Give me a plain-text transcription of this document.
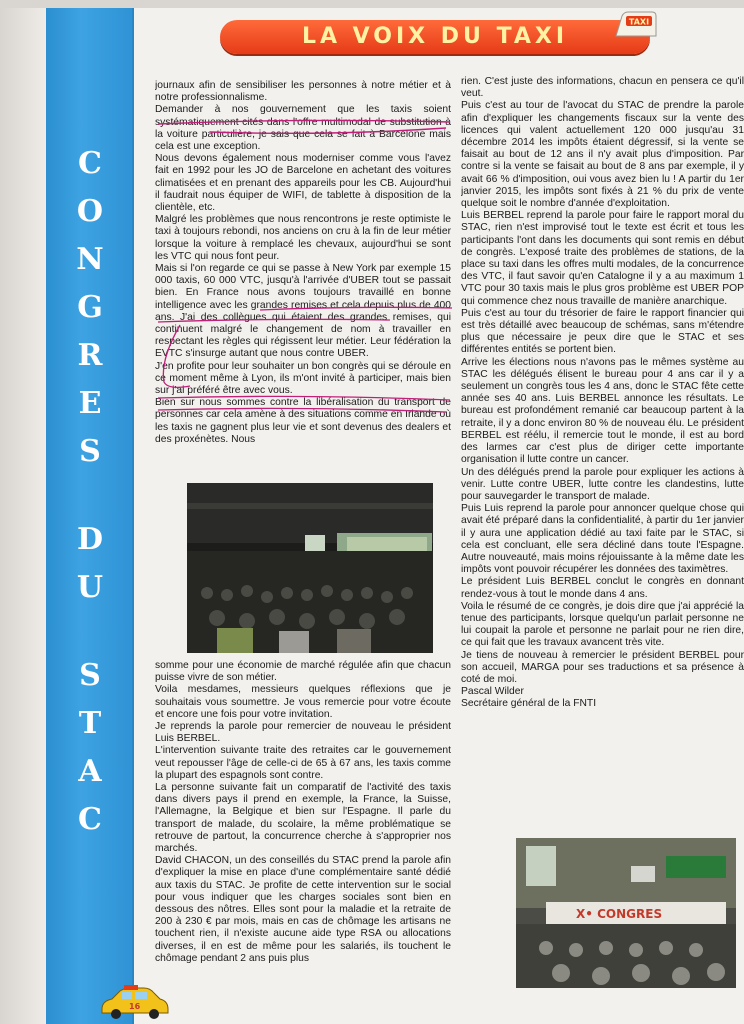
C
O
N
G
R
E
S
D
U
S
T
A
C
LA VOIX DU TAXI
TAXI

journaux afin de sensibiliser les personnes à notre métier et à notre professionnalisme.

Demander à nos gouvernement que les taxis soient systématiquement cités dans l'offre multimodal de substitution à la voiture particulière, je sais que cela se fait à Barcelone mais cela est une exception.

Nous devons également nous moderniser comme vous l'avez fait en 1992 pour les JO de Barcelone en achetant des voitures climatisées et en prenant des appareils pour les CB. Aujourd'hui il faudrait nous équiper de WIFI, de tablette à disposition de la clientèle, etc.

Malgré les problèmes que nous rencontrons je reste optimiste le taxi à toujours rebondi, nos anciens on cru à la fin de leur métier lorsque la voiture à remplacé les chevaux, aujourd'hui se sont les VTC qui nous font peur.

Mais si l'on regarde ce qui se passe à New York par exemple 15 000 taxis, 60 000 VTC, jusqu'à l'arrivée d'UBER tout se passait bien. En France nous avons toujours travaillé en bonne intelligence avec les grandes remises et cela depuis plus de 400 ans. J'ai des collègues qui étaient des grandes remises, qui continuent malgré le changement de nom à travailler en respectant les règles qui régissent leur métier. Leur fédération la EVTC s'insurge autant que nous contre UBER.

J'en profite pour leur souhaiter un bon congrès qui se déroule en ce moment même à Lyon, ils m'ont invité à participer, mais bien sur j'ai préféré être avec vous.

Bien sur nous sommes contre la libéralisation du transport de personnes car cela amène à des situations comme en Irlande où les taxis ne gagnent plus leur vie et sont devenus des dealers et des proxénètes. Nous

somme pour une économie de marché régulée afin que chacun puisse vivre de son métier.

Voila mesdames, messieurs quelques réflexions que je souhaitais vous soumettre. Je vous remercie pour votre écoute et encore une fois pour votre invitation.

Je reprends la parole pour remercier de nouveau le président Luis BERBEL.

L'intervention suivante traite des retraites car le gouvernement veut repousser l'âge de celle-ci de 65 à 67 ans, les taxis comme la plupart des espagnols sont contre.

La personne suivante fait un comparatif de l'activité des taxis dans divers pays il prend en exemple, la France, la Suisse, l'Allemagne, la Belgique et bien sur l'Espagne. Il parle du transport de malade, du scolaire, la même problématique se retrouve de partout, la concurrence cherche à s'approprier nos marchés.

David CHACON, un des conseillés du STAC prend la parole afin d'expliquer la mise en place d'une complémentaire santé dédié aux taxis du STAC. Je profite de cette intervention sur le social pour vous indiquer que les charges sociales sont bien en dessous des nôtres. Elles sont pour la maladie et la retraite de 200 à 230 € par mois, mais en cas de chômage les artisans ne touchent rien, il n'existe aucune aide type RSA ou allocations diverses, il en est de même pour les salariés, ils touchent le chômage pendant 2 ans puis plus

rien. C'est juste des informations, chacun en pensera ce qu'il veut.

Puis c'est au tour de l'avocat du STAC de prendre la parole afin d'expliquer les changements fiscaux sur la vente des licences qui valent actuellement 120 000 jusqu'au 31 décembre 2014 les impôts étaient dégressif, si la vente se faisait au bout de 12 ans il n'y avait plus d'imposition. Par contre si la vente se faisait au bout de 8 ans par exemple, il y avait 66 % d'imposition, oui vous avez bien lu ! A partir du 1er janvier 2015, les impôts sont fixés à 21 % du prix de vente quelque soit le nombre d'année d'exploitation.

Luis BERBEL reprend la parole pour faire le rapport moral du STAC, rien n'est improvisé tout le texte est écrit et tous les participants l'ont dans les documents qui sont remis en début de congrès. L'exposé traite des problèmes de stations, de la place su taxi dans les offres multi modales, de la concurrence des VTC, il faut savoir qu'en Catalogne il y a au maximum 1 VTC pour 30 taxis mais le plus gros problème est UBER POP qui commence chez nous travaille de manière anarchique.

Puis c'est au tour du trésorier de faire le rapport financier qui est très détaillé avec beaucoup de schémas, sans m'étendre plus que nécessaire je peux dire que le STAC et ses différentes entités se portent bien.

Arrive les élections nous n'avons pas le mêmes système au STAC les délégués élisent le bureau pour 4 ans car il y a seulement un congrès tous les 4 ans, donc le STAC fête cette année ses 40 ans. Luis BERBEL annonce les résultats. Le bureau est profondément remanié car beaucoup partent à la retraite, il y a donc environ 80 % de nouveau élu. Le président BERBEL est réélu, il remercie tout le monde, il est au bord des larmes car c'est plus de diriger cette importante organisation il lutte contre un cancer.

Un des délégués prend la parole pour expliquer les actions à venir. Lutte contre UBER, lutte contre les clandestins, lutte pour sauvegarder le transport de malade.

Puis Luis reprend la parole pour annoncer quelque chose qui avait été préparé dans la confidentialité, à partir du 1er janvier il y aura une application dédié au taxi faite par le STAC, si cela est concluant, elle sera décliné dans toute l'Espagne. Autre nouveauté, mais moins réjouissante à la même date les impôts vont pouvoir récupérer les données des taximètres.

Le président Luis BERBEL conclut le congrès en donnant rendez-vous à tout le monde dans 4 ans.

Voila le résumé de ce congrès, je dois dire que j'ai apprécié la tenue des participants, lorsque quelqu'un parlait personne ne lui coupait la parole et personne ne parlait pour ne rien dire, ce qui fait que les travaux avancent très vite.

Je tiens de nouveau à remercier le président BERBEL pour son accueil, MARGA pour ses traductions et sa présence à coté de moi.

Pascal Wilder

Secrétaire général de la FNTI

X• CONGRES
16
